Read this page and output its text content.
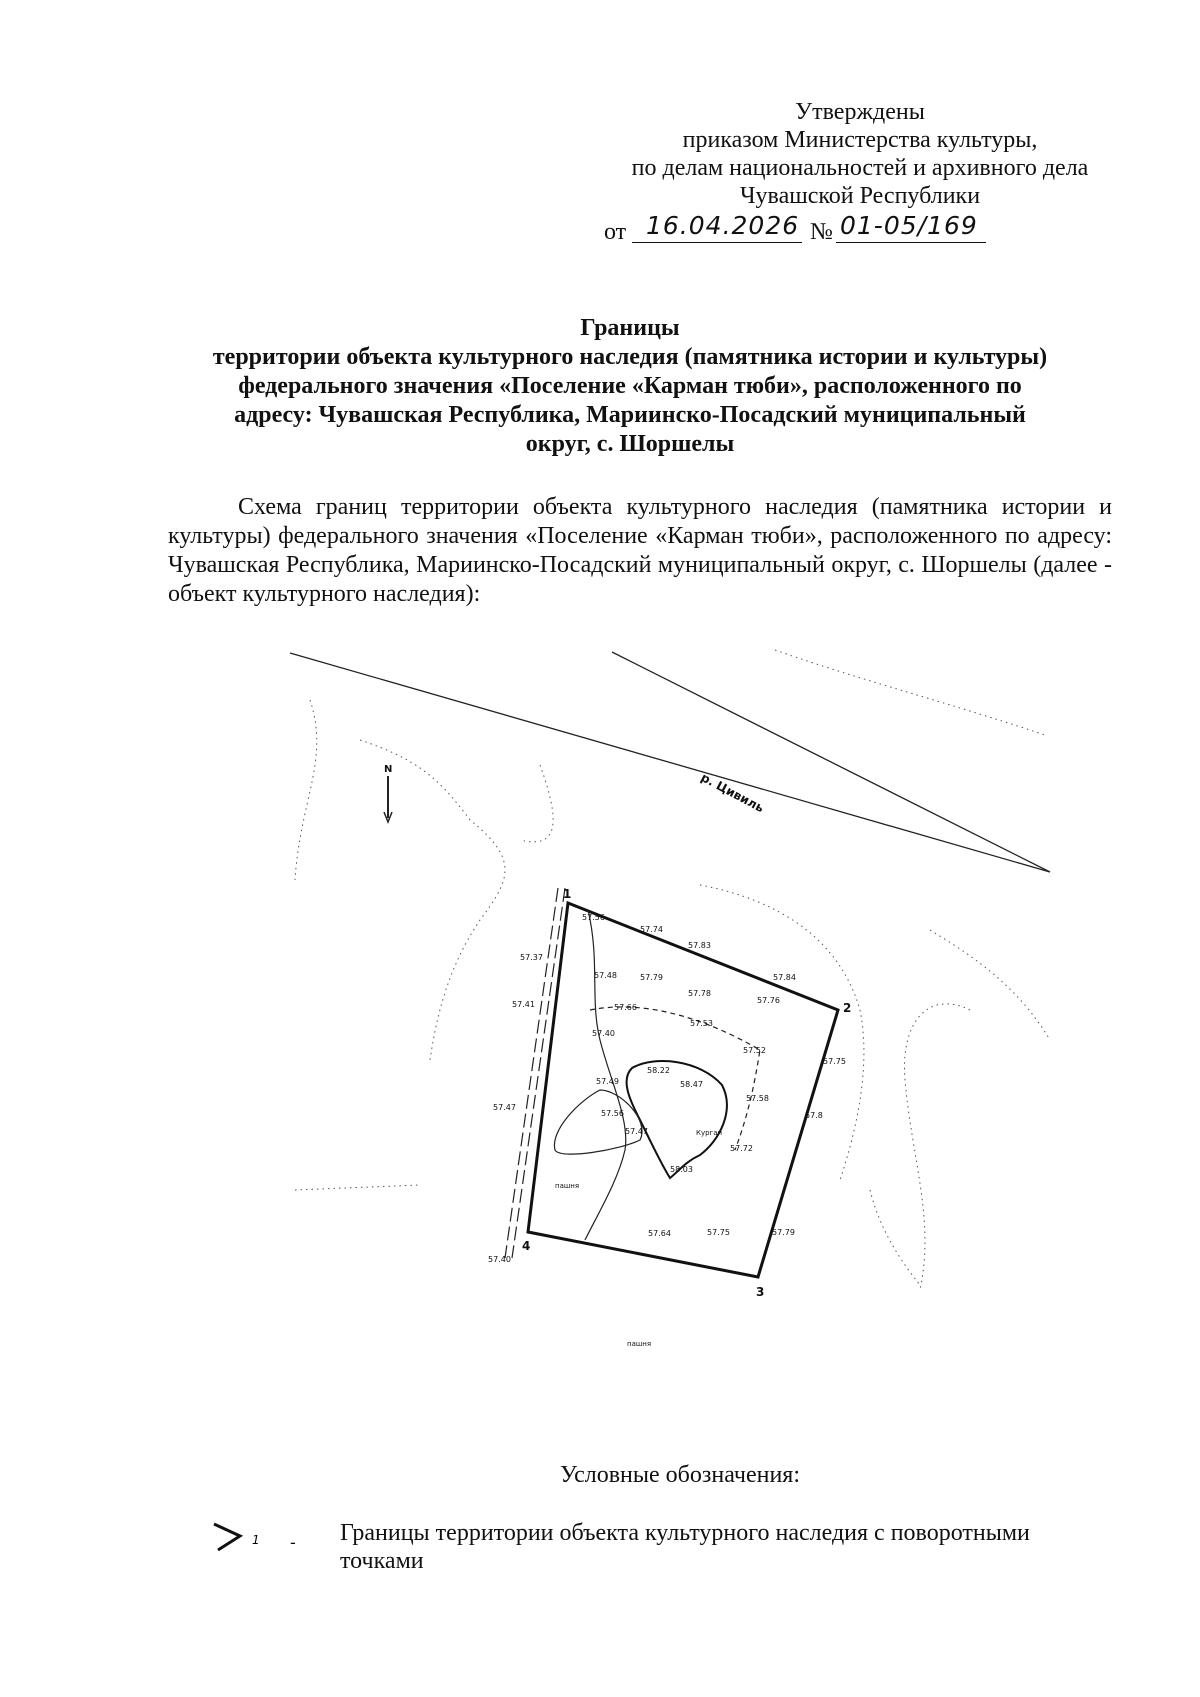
Утверждены
приказом Министерства культуры,
по делам национальностей и архивного дела
Чувашской Республики
от 16.04.2026 № 01-05/169
Границы
территории объекта культурного наследия (памятника истории и культуры)
федерального значения «Поселение «Карман тюби», расположенного по
адресу: Чувашская Республика, Мариинско-Посадский муниципальный
округ, с. Шоршелы
Схема границ территории объекта культурного наследия (памятника истории и культуры) федерального значения «Поселение «Карман тюби», расположенного по адресу: Чувашская Республика, Мариинско-Посадский муниципальный округ, с. Шоршелы (далее - объект культурного наследия):
р. Цивиль
N
Курган
1
2
3
4
57.56
57.74
57.83
57.84
57.37
57.48	57.79
57.78
57.76
57.41	57.66
57.53
57.40
57.52
57.75
58.22
58.47
57.49
57.58
57.8
57.47
57.56
57.47
57.72
58.03
57.64	57.75	57.79
57.40
пашня
пашня
Условные обозначения:
1 - Границы территории объекта культурного наследия с поворотными точками
